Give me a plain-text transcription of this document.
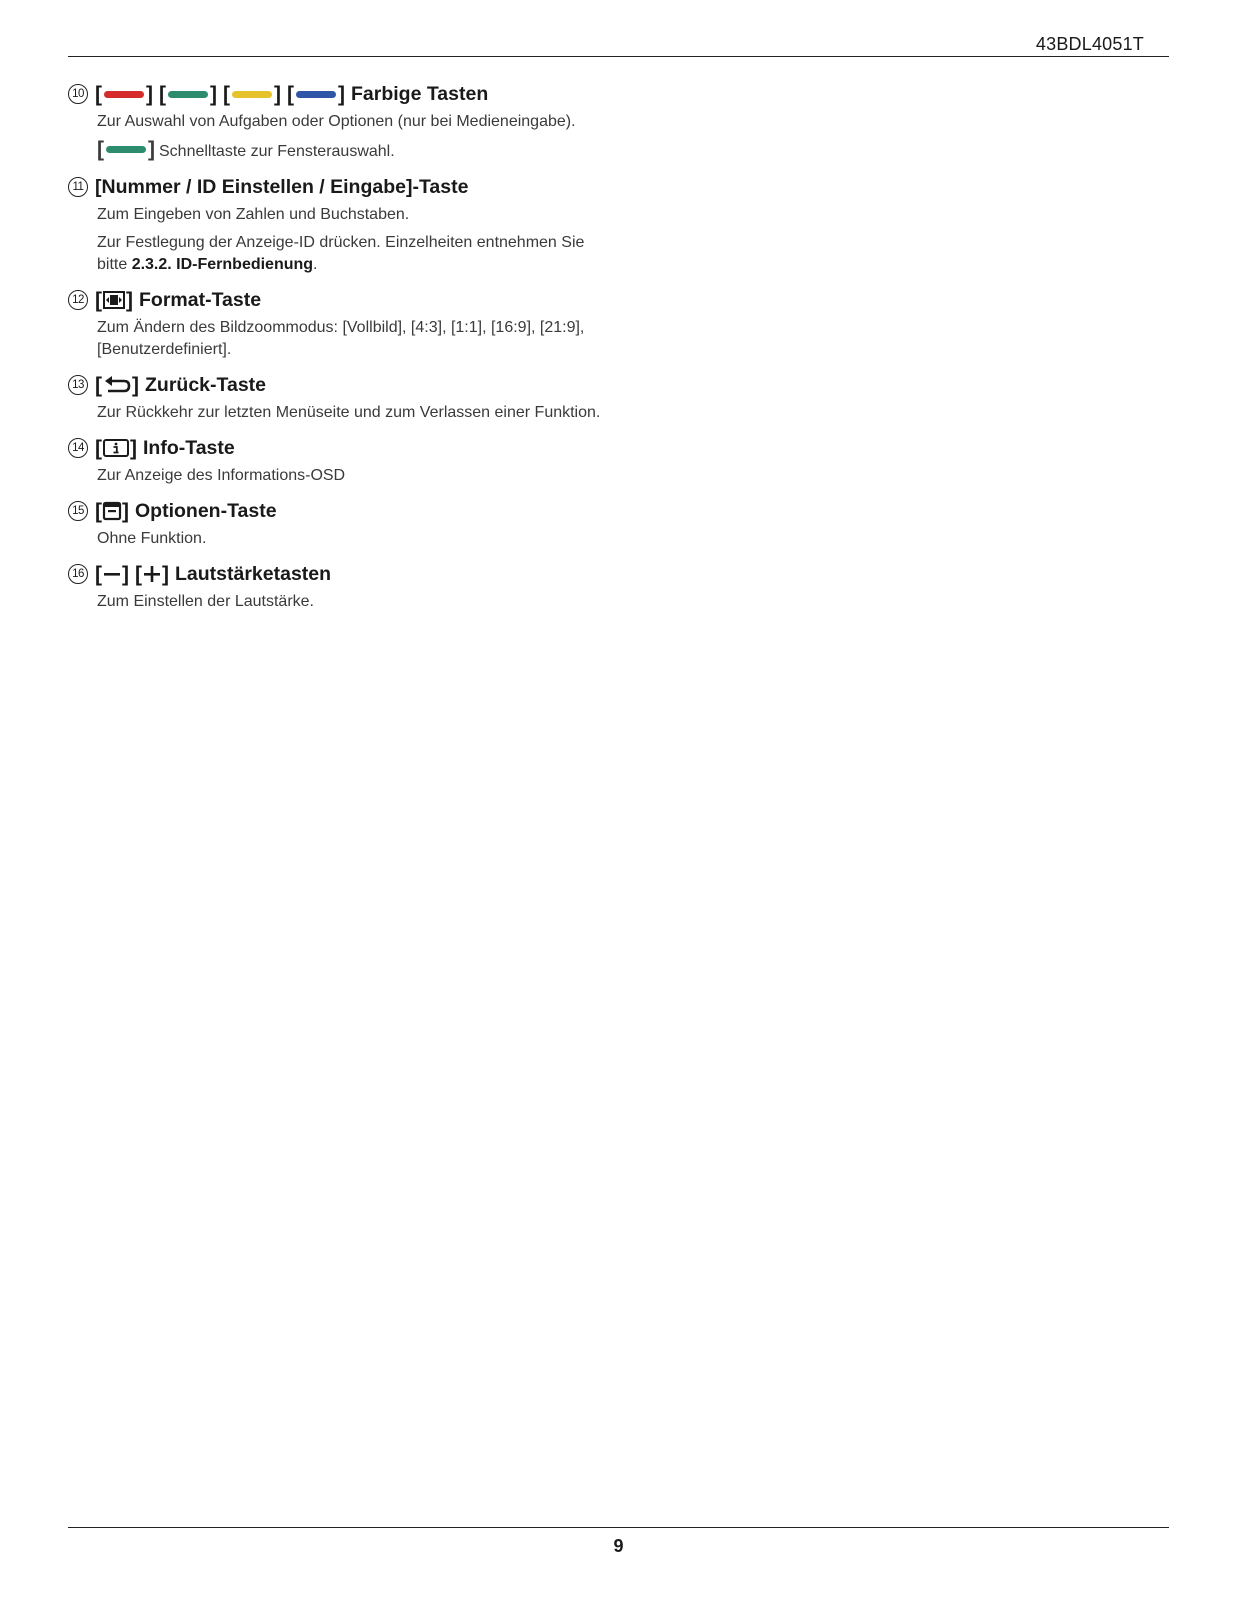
43BDL4051T
10 [ ] [ ] [ ] [ ] Farbige Tasten

Zur Auswahl von Aufgaben oder Optionen (nur bei Medieneingabe).

[ ] Schnelltaste zur Fensterauswahl.

11 [Nummer / ID Einstellen / Eingabe]-Taste

Zum Eingeben von Zahlen und Buchstaben.

Zur Festlegung der Anzeige-ID drücken. Einzelheiten entnehmen Sie bitte 2.3.2. ID-Fernbedienung.

12 [ ] Format-Taste

Zum Ändern des Bildzoommodus: [Vollbild], [4:3], [1:1], [16:9], [21:9], [Benutzerdefiniert].

13 [ ] Zurück-Taste

Zur Rückkehr zur letzten Menüseite und zum Verlassen einer Funktion.

14 [ ] Info-Taste

Zur Anzeige des Informations-OSD

15 [ ] Optionen-Taste

Ohne Funktion.

16 [ ] [ ] Lautstärketasten

Zum Einstellen der Lautstärke.

9
